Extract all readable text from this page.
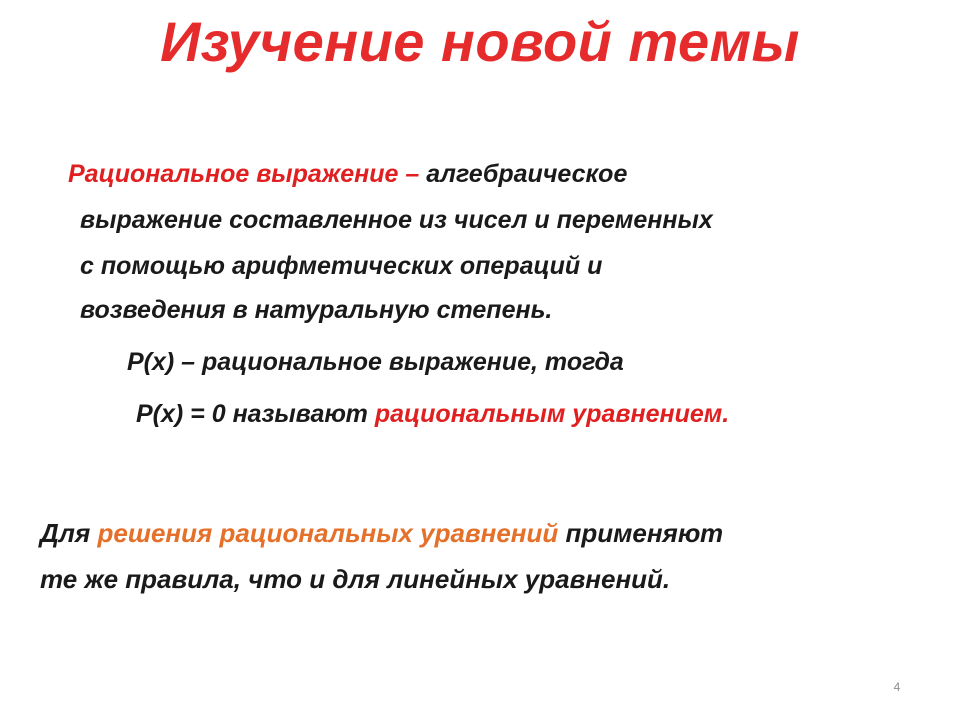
Изучение новой темы
Рациональное выражение – алгебраическое
выражение составленное из чисел и переменных
с помощью арифметических операций и
возведения в натуральную степень.
P(x) – рациональное выражение, тогда
P(x) = 0 называют рациональным уравнением.
Для решения рациональных уравнений применяют
те же правила, что и для линейных уравнений.
4
